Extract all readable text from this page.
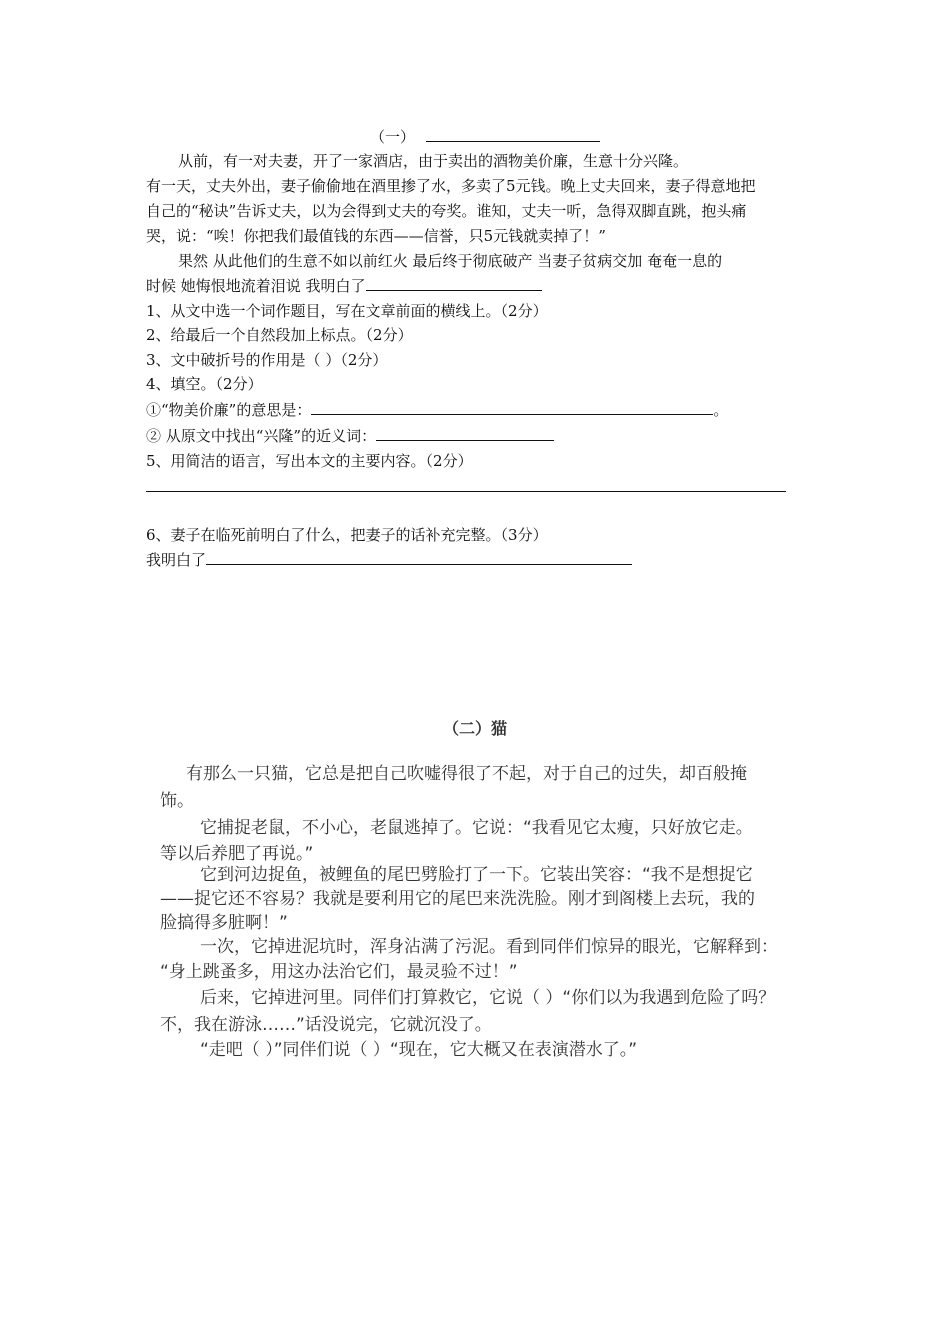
（一）
从前，有一对夫妻，开了一家酒店，由于卖出的酒物美价廉，生意十分兴隆。
有一天，丈夫外出，妻子偷偷地在酒里掺了水，多卖了5元钱。晚上丈夫回来，妻子得意地把
自己的“秘诀”告诉丈夫，以为会得到丈夫的夸奖。谁知，丈夫一听，急得双脚直跳，抱头痛
哭，说：“唉！你把我们最值钱的东西——信誉，只5元钱就卖掉了！”
果然 从此他们的生意不如以前红火 最后终于彻底破产 当妻子贫病交加 奄奄一息的
时候 她悔恨地流着泪说 我明白了
1、从文中选一个词作题目，写在文章前面的横线上。（2分）
2、给最后一个自然段加上标点。（2分）
3、文中破折号的作用是（ ）（2分）
4、填空。（2分）
①“物美价廉”的意思是：	。
② 从原文中找出“兴隆”的近义词：
5、用简洁的语言，写出本文的主要内容。（2分）
6、妻子在临死前明白了什么，把妻子的话补充完整。（3分）
我明白了
（二）猫
有那么一只猫，它总是把自己吹嘘得很了不起，对于自己的过失，却百般掩
饰。
它捕捉老鼠，不小心，老鼠逃掉了。它说：“我看见它太瘦，只好放它走。
等以后养肥了再说。”
它到河边捉鱼，被鲤鱼的尾巴劈脸打了一下。它装出笑容：“我不是想捉它
——捉它还不容易？我就是要利用它的尾巴来洗洗脸。刚才到阁楼上去玩，我的
脸搞得多脏啊！”
一次，它掉进泥坑时，浑身沾满了污泥。看到同伴们惊异的眼光，它解释到：
“身上跳蚤多，用这办法治它们，最灵验不过！”
后来，它掉进河里。同伴们打算救它，它说（ ）“你们以为我遇到危险了吗？
不，我在游泳……”话没说完，它就沉没了。
“走吧（ ）”同伴们说（ ）“现在，它大概又在表演潜水了。”
